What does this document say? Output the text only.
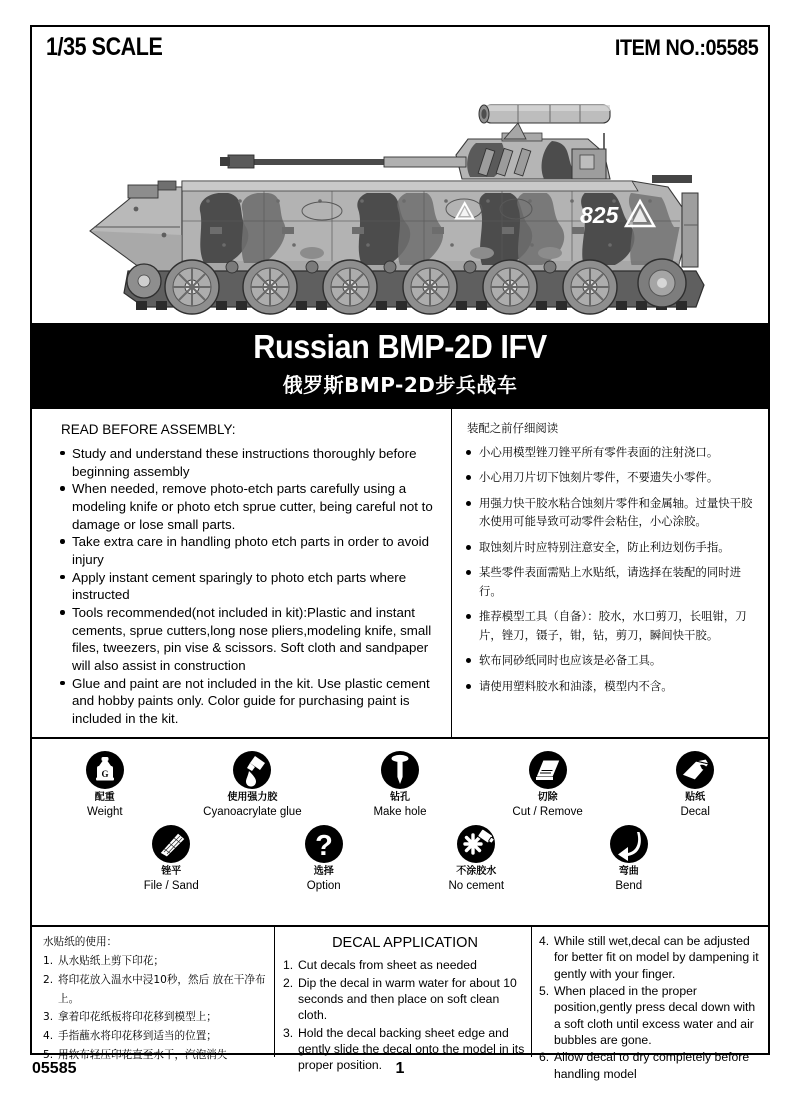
1/35 SCALE	ITEM NO.:05585
825
Russian BMP-2D IFV
俄罗斯BMP-2D步兵战车
READ BEFORE ASSEMBLY:
Study and understand these instructions thoroughly before beginning assembly
When needed, remove photo-etch parts carefully using a modeling knife or photo etch sprue cutter, being careful not to damage or lose small parts.
Take extra care in handling photo etch parts in order to avoid injury
Apply instant cement sparingly to photo etch parts where instructed
Tools recommended(not included in kit):Plastic and instant cements, sprue cutters,long nose pliers,modeling knife, small files, tweezers, pin vise & scissors. Soft cloth and sandpaper will also assist in construction
Glue and paint are not included in the kit. Use plastic cement and hobby paints only. Color guide for purchasing paint is included in the kit.
装配之前仔细阅读
小心用模型锉刀锉平所有零件表面的注射浇口。
小心用刀片切下蚀刻片零件，不要遗失小零件。
用强力快干胶水粘合蚀刻片零件和金属轴。过量快干胶水使用可能导致可动零件会粘住，小心涂胶。
取蚀刻片时应特别注意安全，防止利边划伤手指。
某些零件表面需贴上水贴纸，请选择在装配的同时进行。
推荐模型工具（自备）：胶水，水口剪刀，长咀钳，刀片，锉刀，镊子，钳，钻，剪刀，瞬间快干胶。
软布同砂纸同时也应该是必备工具。
请使用塑料胶水和油漆，模型内不含。
G
配重
Weight
使用强力胶
Cyanoacrylate glue
钻孔
Make hole
切除
Cut / Remove
贴纸
Decal
锉平
File / Sand
?
选择
Option
不涂胶水
No cement
弯曲
Bend
水贴纸的使用：
从水贴纸上剪下印花；
将印花放入温水中浸10秒，然后 放在干净布上。
拿着印花纸板将印花移到模型上；
手指蘸水将印花移到适当的位置；
用软布轻压印花直至水干，汽泡消失
DECAL APPLICATION
Cut decals from sheet as needed
Dip the decal in warm water for about 10 seconds and then place on soft clean cloth.
Hold the decal backing sheet edge and gently slide the decal onto the model in its proper position.
While still wet,decal can be adjusted for better fit on model by dampening it gently with your finger.
When placed in the proper position,gently press decal down with a soft cloth until excess water and air bubbles are gone.
Allow decal to dry completely before handling model
05585	1
